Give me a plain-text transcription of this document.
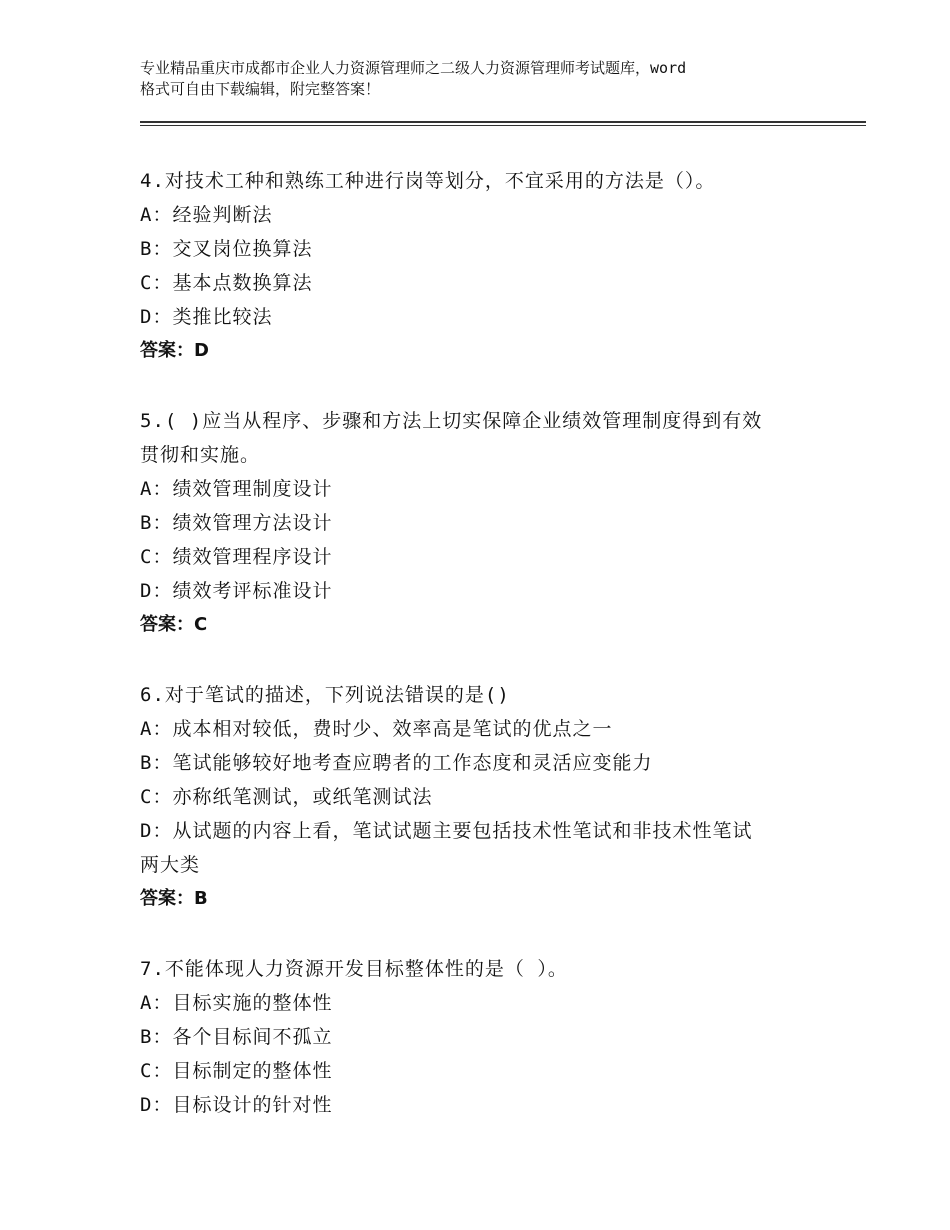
专业精品重庆市成都市企业人力资源管理师之二级人力资源管理师考试题库，word
格式可自由下载编辑，附完整答案！
4.对技术工种和熟练工种进行岗等划分，不宜采用的方法是（）。
A：经验判断法
B：交叉岗位换算法
C：基本点数换算法
D：类推比较法
答案：D
5.( )应当从程序、步骤和方法上切实保障企业绩效管理制度得到有效
贯彻和实施。
A：绩效管理制度设计
B：绩效管理方法设计
C：绩效管理程序设计
D：绩效考评标准设计
答案：C
6.对于笔试的描述，下列说法错误的是()
A：成本相对较低，费时少、效率高是笔试的优点之一
B：笔试能够较好地考查应聘者的工作态度和灵活应变能力
C：亦称纸笔测试，或纸笔测试法
D：从试题的内容上看，笔试试题主要包括技术性笔试和非技术性笔试
两大类
答案：B
7.不能体现人力资源开发目标整体性的是（ ）。
A：目标实施的整体性
B：各个目标间不孤立
C：目标制定的整体性
D：目标设计的针对性
